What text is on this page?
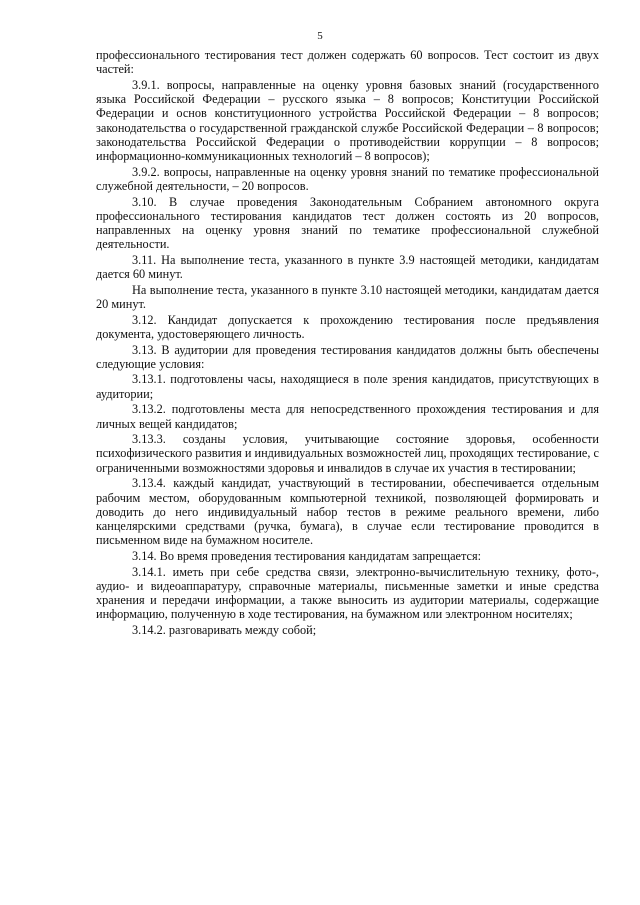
5

профессионального тестирования тест должен содержать 60 вопросов. Тест состоит из двух частей:

3.9.1. вопросы, направленные на оценку уровня базовых знаний (государственного языка Российской Федерации – русского языка – 8 вопросов; Конституции Российской Федерации и основ конституционного устройства Российской Федерации – 8 вопросов; законодательства о государственной гражданской службе Российской Федерации – 8 вопросов; законодательства Российской Федерации о противодействии коррупции – 8 вопросов; информационно-коммуникационных технологий – 8 вопросов);

3.9.2. вопросы, направленные на оценку уровня знаний по тематике профессиональной служебной деятельности, – 20 вопросов.

3.10. В случае проведения Законодательным Собранием автономного округа профессионального тестирования кандидатов тест должен состоять из 20 вопросов, направленных на оценку уровня знаний по тематике профессиональной служебной деятельности.

3.11. На выполнение теста, указанного в пункте 3.9 настоящей методики, кандидатам дается 60 минут.

На выполнение теста, указанного в пункте 3.10 настоящей методики, кандидатам дается 20 минут.

3.12. Кандидат допускается к прохождению тестирования после предъявления документа, удостоверяющего личность.

3.13. В аудитории для проведения тестирования кандидатов должны быть обеспечены следующие условия:

3.13.1. подготовлены часы, находящиеся в поле зрения кандидатов, присутствующих в аудитории;

3.13.2. подготовлены места для непосредственного прохождения тестирования и для личных вещей кандидатов;

3.13.3. созданы условия, учитывающие состояние здоровья, особенности психофизического развития и индивидуальных возможностей лиц, проходящих тестирование, с ограниченными возможностями здоровья и инвалидов в случае их участия в тестировании;

3.13.4. каждый кандидат, участвующий в тестировании, обеспечивается отдельным рабочим местом, оборудованным компьютерной техникой, позволяющей формировать и доводить до него индивидуальный набор тестов в режиме реального времени, либо канцелярскими средствами (ручка, бумага), в случае если тестирование проводится в письменном виде на бумажном носителе.

3.14. Во время проведения тестирования кандидатам запрещается:

3.14.1. иметь при себе средства связи, электронно-вычислительную технику, фото-, аудио- и видеоаппаратуру, справочные материалы, письменные заметки и иные средства хранения и передачи информации, а также выносить из аудитории материалы, содержащие информацию, полученную в ходе тестирования, на бумажном или электронном носителях;

3.14.2. разговаривать между собой;
